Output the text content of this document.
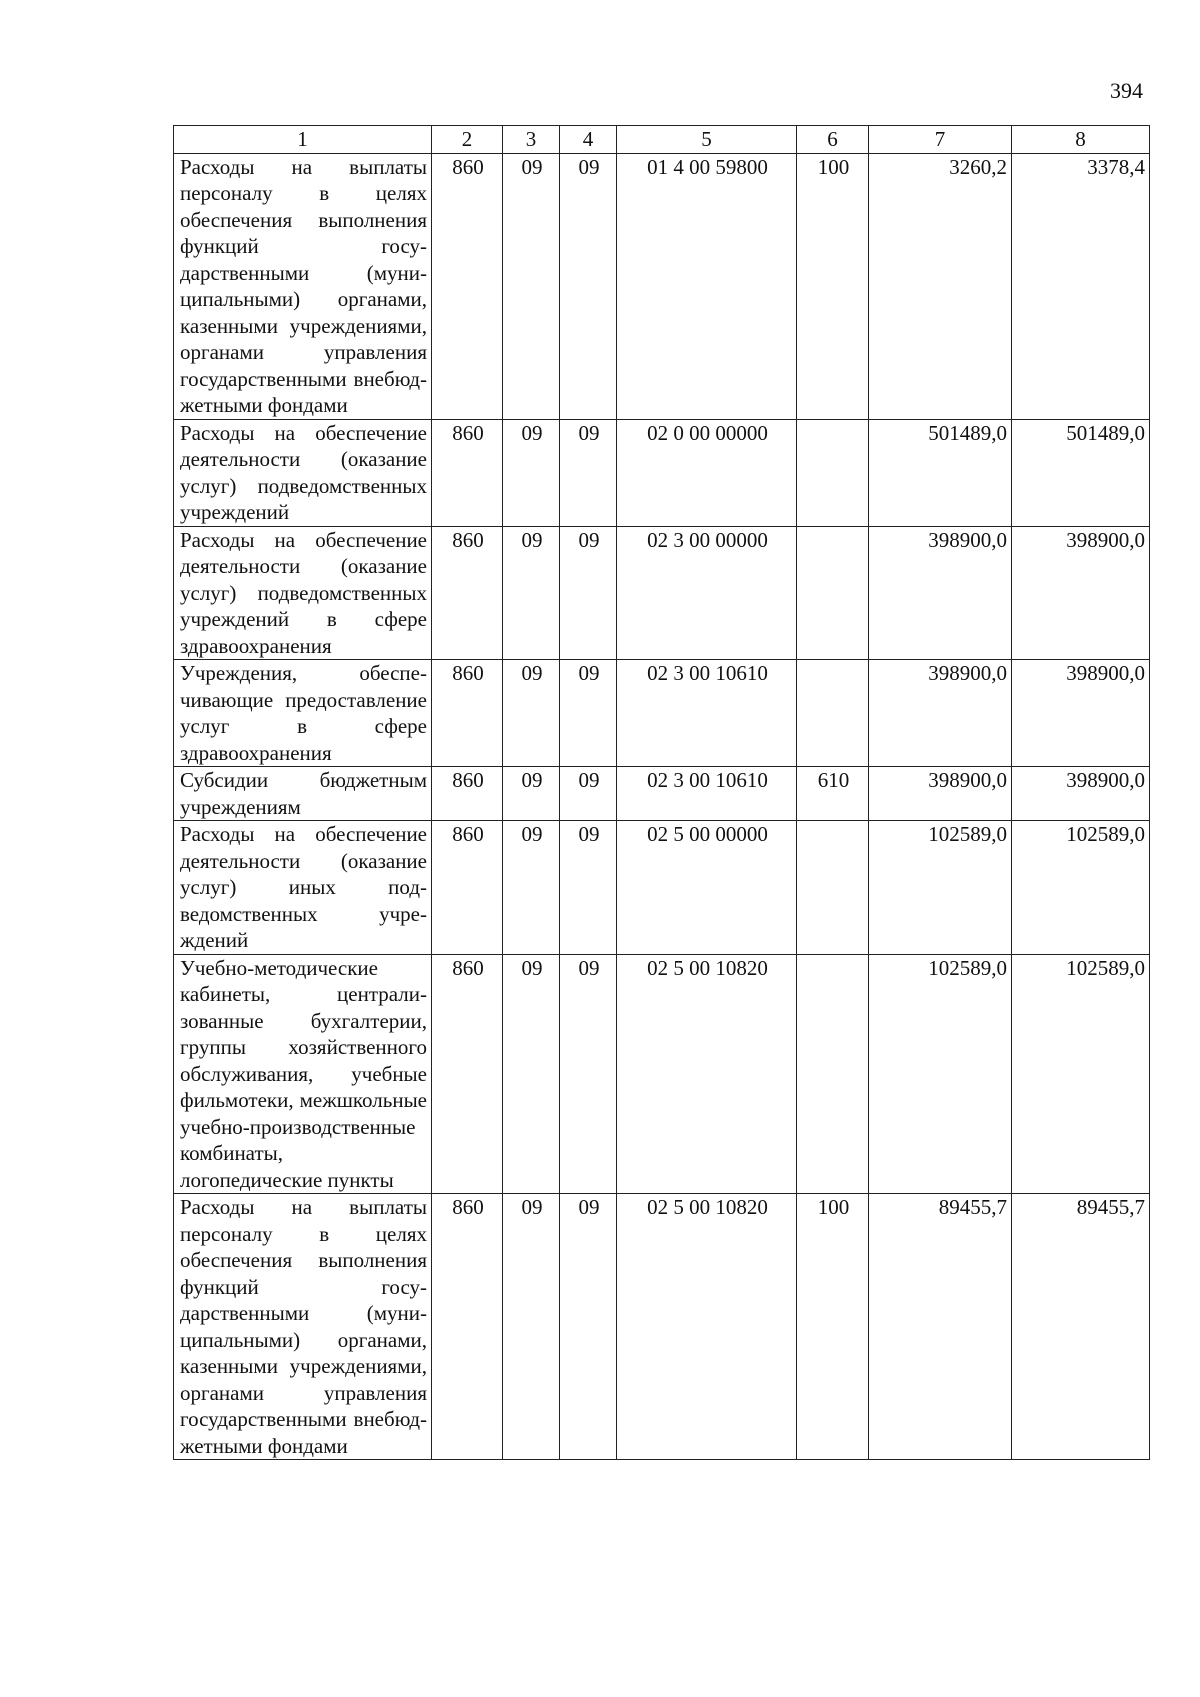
394
1	2	3	4	5	6	7	8
Расходы на выплаты персоналу в целях обеспечения выполнения функций государственными (муниципальными) органами, казенными учреждениями, органами управления государственными внебюджетными фондами	860	09	09	01 4 00 59800	100	3260,2	3378,4
Расходы на обеспечение деятельности (оказание услуг) подведомственных учреждений	860	09	09	02 0 00 00000		501489,0	501489,0
Расходы на обеспечение деятельности (оказание услуг) подведомственных учреждений в сфере здравоохранения	860	09	09	02 3 00 00000		398900,0	398900,0
Учреждения, обеспечивающие предоставление услуг в сфере здравоохранения	860	09	09	02 3 00 10610		398900,0	398900,0
Субсидии бюджетным учреждениям	860	09	09	02 3 00 10610	610	398900,0	398900,0
Расходы на обеспечение деятельности (оказание услуг) иных подведомственных учреждений	860	09	09	02 5 00 00000		102589,0	102589,0
Учебно-методические кабинеты, централизованные бухгалтерии, группы хозяйственного обслуживания, учебные фильмотеки, межшкольные учебно-производственные комбинаты, логопедические пункты	860	09	09	02 5 00 10820		102589,0	102589,0
Расходы на выплаты персоналу в целях обеспечения выполнения функций государственными (муниципальными) органами, казенными учреждениями, органами управления государственными внебюджетными фондами	860	09	09	02 5 00 10820	100	89455,7	89455,7
